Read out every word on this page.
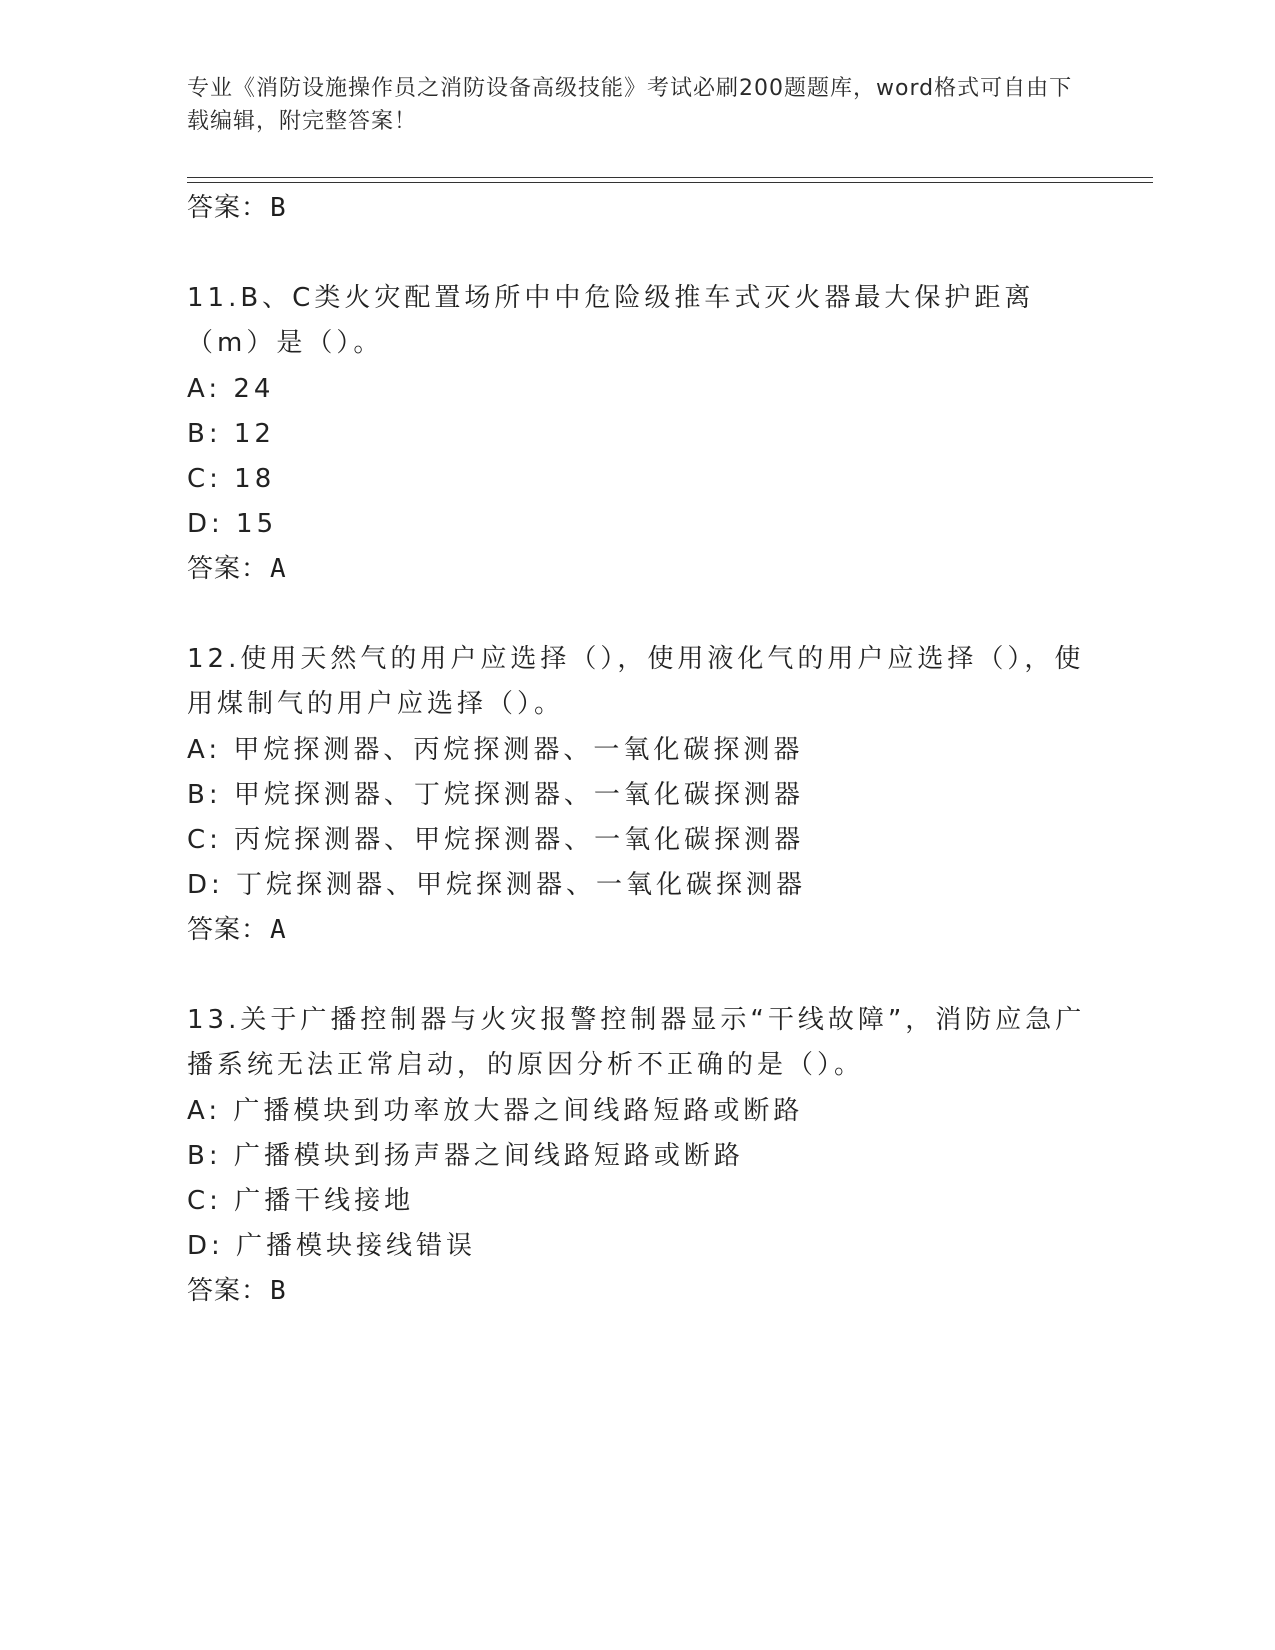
专业《消防设施操作员之消防设备高级技能》考试必刷200题题库，word格式可自由下载编辑，附完整答案！
答案：B
11.B、C类火灾配置场所中中危险级推车式灭火器最大保护距离（m）是（）。
A: 24
B: 12
C: 18
D: 15
答案：A
12.使用天然气的用户应选择（），使用液化气的用户应选择（），使用煤制气的用户应选择（）。
A: 甲烷探测器、丙烷探测器、一氧化碳探测器
B: 甲烷探测器、丁烷探测器、一氧化碳探测器
C: 丙烷探测器、甲烷探测器、一氧化碳探测器
D: 丁烷探测器、甲烷探测器、一氧化碳探测器
答案：A
13.关于广播控制器与火灾报警控制器显示“干线故障”，消防应急广播系统无法正常启动，的原因分析不正确的是（）。
A: 广播模块到功率放大器之间线路短路或断路
B: 广播模块到扬声器之间线路短路或断路
C: 广播干线接地
D: 广播模块接线错误
答案：B
